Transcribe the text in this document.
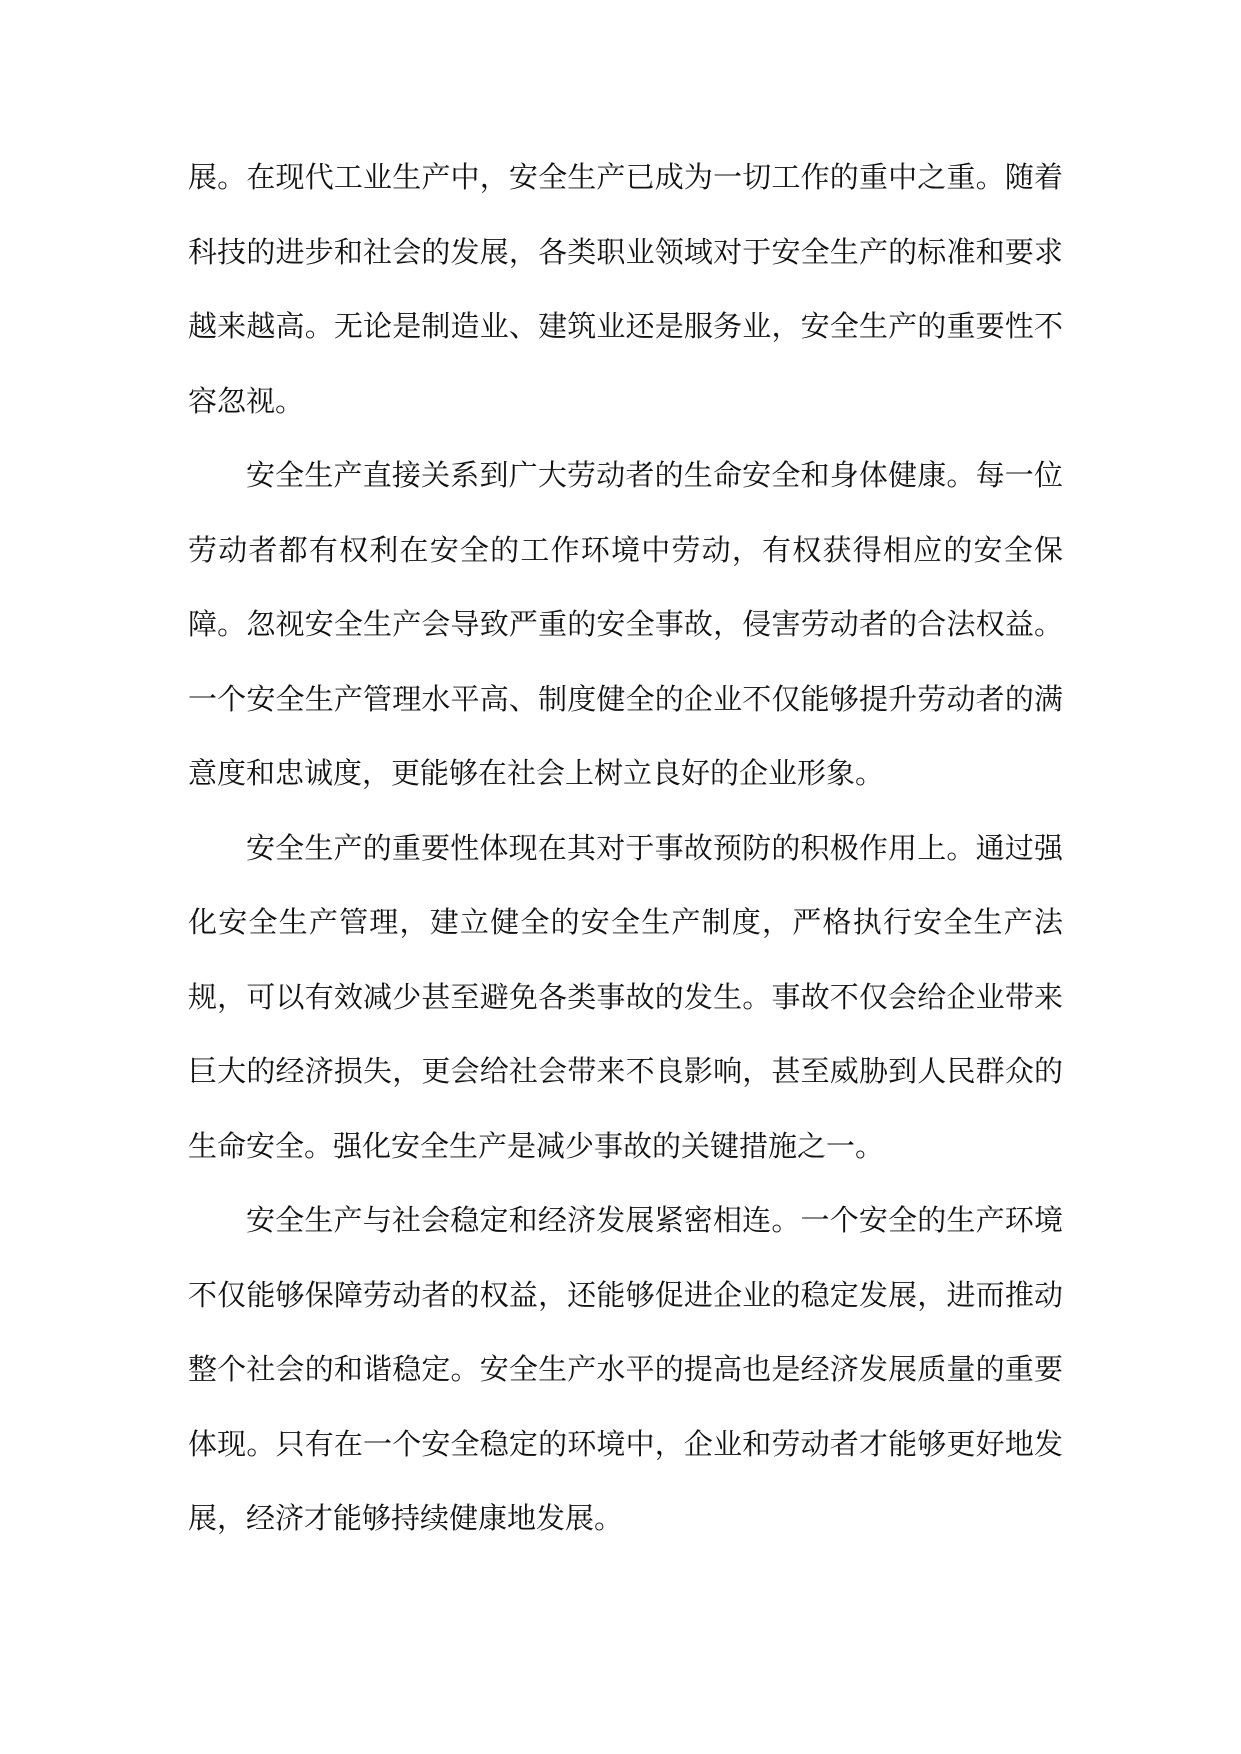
展。在现代工业生产中，安全生产已成为一切工作的重中之重。随着科技的进步和社会的发展，各类职业领域对于安全生产的标准和要求越来越高。无论是制造业、建筑业还是服务业，安全生产的重要性不容忽视。

安全生产直接关系到广大劳动者的生命安全和身体健康。每一位劳动者都有权利在安全的工作环境中劳动，有权获得相应的安全保障。忽视安全生产会导致严重的安全事故，侵害劳动者的合法权益。一个安全生产管理水平高、制度健全的企业不仅能够提升劳动者的满意度和忠诚度，更能够在社会上树立良好的企业形象。

安全生产的重要性体现在其对于事故预防的积极作用上。通过强化安全生产管理，建立健全的安全生产制度，严格执行安全生产法规，可以有效减少甚至避免各类事故的发生。事故不仅会给企业带来巨大的经济损失，更会给社会带来不良影响，甚至威胁到人民群众的生命安全。强化安全生产是减少事故的关键措施之一。

安全生产与社会稳定和经济发展紧密相连。一个安全的生产环境不仅能够保障劳动者的权益，还能够促进企业的稳定发展，进而推动整个社会的和谐稳定。安全生产水平的提高也是经济发展质量的重要体现。只有在一个安全稳定的环境中，企业和劳动者才能够更好地发展，经济才能够持续健康地发展。
